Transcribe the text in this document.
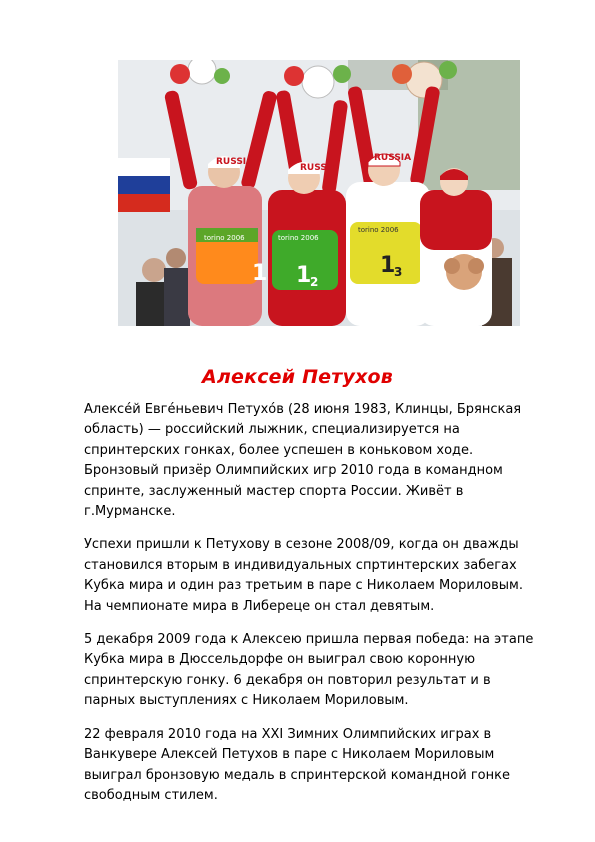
RUSSIA
RUSSIA
RUSSIA
torino 2006	torino 2006
torino 2006
1 1
2
1
3
Алексей Петухов

Алексе́й Евге́ньевич Петухо́в (28 июня 1983, Клинцы, Брянская область) — российский лыжник, специализируется на спринтерских гонках, более успешен в коньковом ходе. Бронзовый призёр Олимпийских игр 2010 года в командном спринте, заслуженный мастер спорта России. Живёт в г.Мурманске.

Успехи пришли к Петухову в сезоне 2008/09, когда он дважды становился вторым в индивидуальных спртинтерских забегах Кубка мира и один раз третьим в паре с Николаем Мориловым. На чемпионате мира в Либереце он стал девятым.

5 декабря 2009 года к Алексею пришла первая победа: на этапе Кубка мира в Дюссельдорфе он выиграл свою коронную спринтерскую гонку. 6 декабря он повторил результат и в парных выступлениях с Николаем Мориловым.

22 февраля 2010 года на XXI Зимних Олимпийских играх в Ванкувере Алексей Петухов в паре с Николаем Мориловым выиграл бронзовую медаль в спринтерской командной гонке свободным стилем.
